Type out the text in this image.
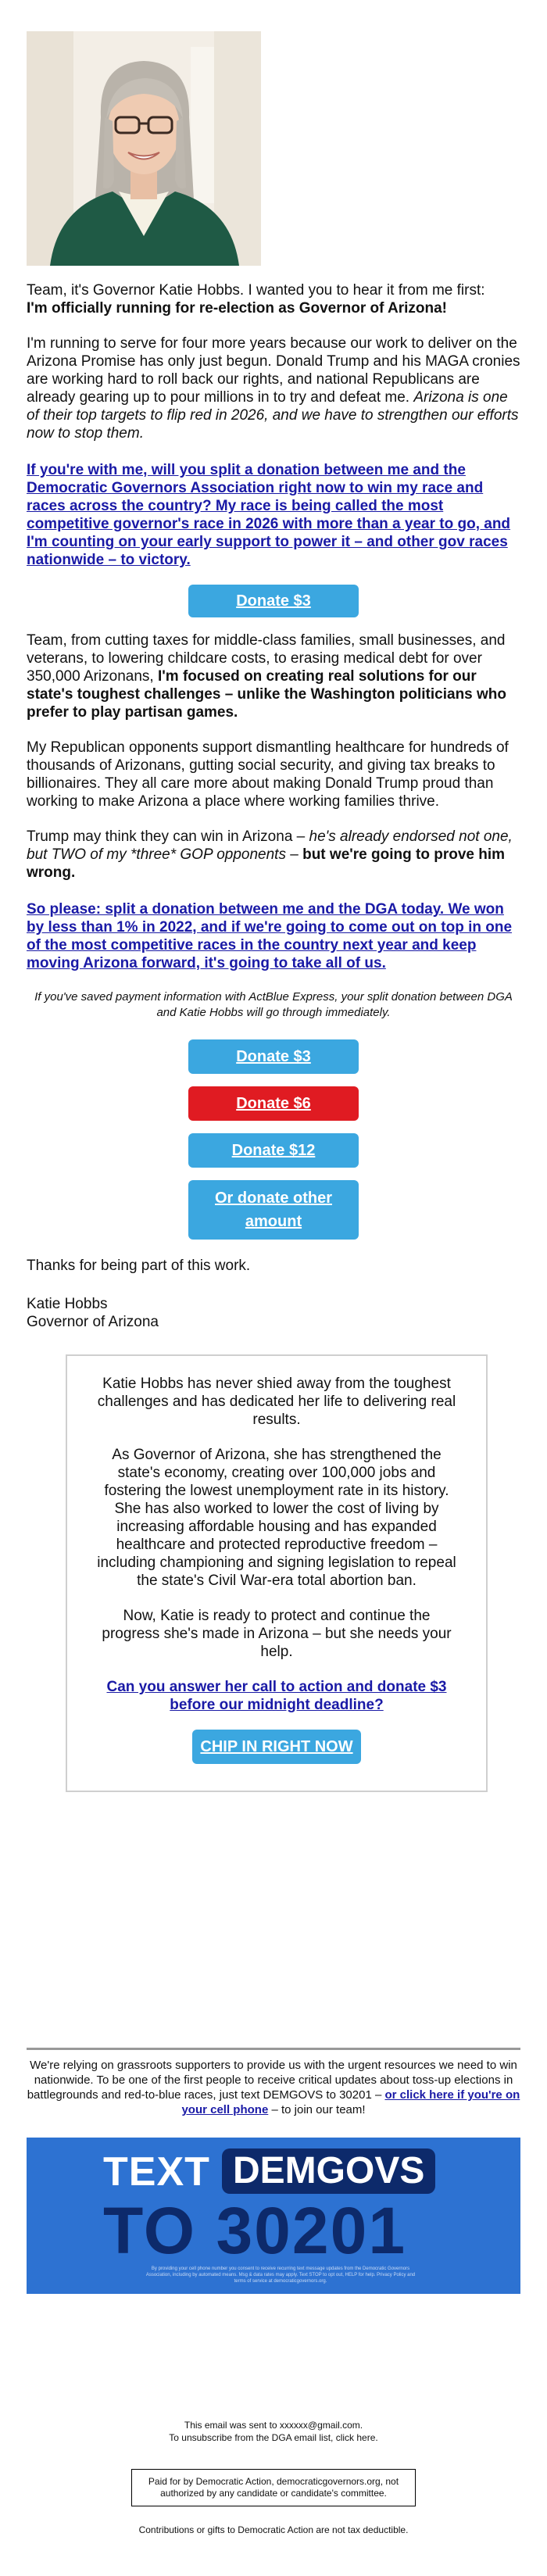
Team, it's Governor Katie Hobbs. I wanted you to hear it from me first:
I'm officially running for re-election as Governor of Arizona!

I'm running to serve for four more years because our work to deliver on the Arizona Promise has only just begun. Donald Trump and his MAGA cronies are working hard to roll back our rights, and national Republicans are already gearing up to pour millions in to try and defeat me. Arizona is one of their top targets to flip red in 2026, and we have to strengthen our efforts now to stop them.

If you're with me, will you split a donation between me and the Democratic Governors Association right now to win my race and races across the country? My race is being called the most competitive governor's race in 2026 with more than a year to go, and I'm counting on your early support to power it – and other gov races nationwide – to victory.

Donate $3

Team, from cutting taxes for middle-class families, small businesses, and veterans, to lowering childcare costs, to erasing medical debt for over 350,000 Arizonans, I'm focused on creating real solutions for our state's toughest challenges – unlike the Washington politicians who prefer to play partisan games.

My Republican opponents support dismantling healthcare for hundreds of thousands of Arizonans, gutting social security, and giving tax breaks to billionaires. They all care more about making Donald Trump proud than working to make Arizona a place where working families thrive.

Trump may think they can win in Arizona – he's already endorsed not one, but TWO of my *three* GOP opponents – but we're going to prove him wrong.

So please: split a donation between me and the DGA today. We won by less than 1% in 2022, and if we're going to come out on top in one of the most competitive races in the country next year and keep moving Arizona forward, it's going to take all of us.

If you've saved payment information with ActBlue Express, your split donation between DGA and Katie Hobbs will go through immediately.

Donate $3
Donate $6
Donate $12
Or donate other amount

Thanks for being part of this work.

Katie Hobbs
Governor of Arizona

Katie Hobbs has never shied away from the toughest challenges and has dedicated her life to delivering real results.

As Governor of Arizona, she has strengthened the state's economy, creating over 100,000 jobs and fostering the lowest unemployment rate in its history. She has also worked to lower the cost of living by increasing affordable housing and has expanded healthcare and protected reproductive freedom – including championing and signing legislation to repeal the state's Civil War-era total abortion ban.

Now, Katie is ready to protect and continue the progress she's made in Arizona – but she needs your help.

Can you answer her call to action and donate $3 before our midnight deadline?

CHIP IN RIGHT NOW

We're relying on grassroots supporters to provide us with the urgent resources we need to win nationwide. To be one of the first people to receive critical updates about toss-up elections in battlegrounds and red-to-blue races, just text DEMGOVS to 30201 – or click here if you're on your cell phone – to join our team!

TEXT DEMGOVS
TO 30201
By providing your cell phone number you consent to receive recurring text message updates from the Democratic Governors Association, including by automated means. Msg & data rates may apply. Text STOP to opt out, HELP for help. Privacy Policy and terms of service at democraticgovernors.org.

This email was sent to xxxxxx@gmail.com.

To unsubscribe from the DGA email list, click here.

Paid for by Democratic Action, democraticgovernors.org, not authorized by any candidate or candidate's committee.

Contributions or gifts to Democratic Action are not tax deductible.
